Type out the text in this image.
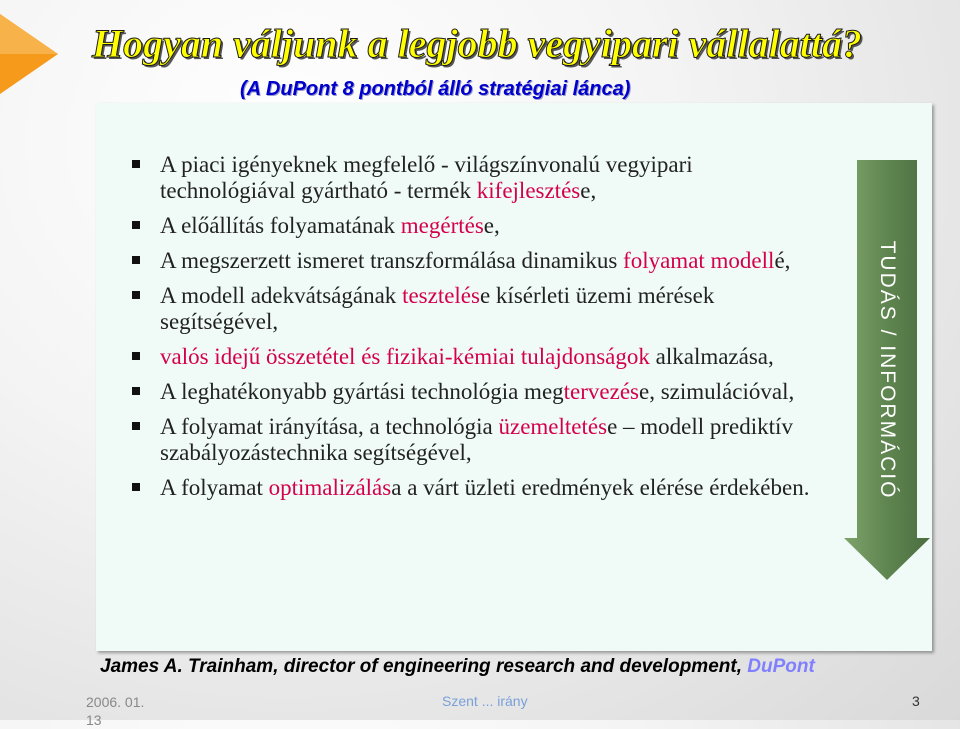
Hogyan váljunk a legjobb vegyipari vállalattá?

(A DuPont 8 pontból álló stratégiai lánca)

A piaci igényeknek megfelelő - világszínvonalú vegyipari technológiával gyártható - termék kifejlesztése,
A előállítás folyamatának megértése,
A megszerzett ismeret transzformálása dinamikus folyamat modellé,
A modell adekvátságának tesztelése kísérleti üzemi mérések segítségével,
valós idejű összetétel és fizikai-kémiai tulajdonságok alkalmazása,
A leghatékonyabb gyártási technológia megtervezése, szimulációval,
A folyamat irányítása, a technológia üzemeltetése – modell prediktív szabályozástechnika segítségével,
A folyamat optimalizálása a várt üzleti eredmények elérése érdekében.	TUDÁS / INFORMÁCIÓ

James A. Trainham, director of engineering research and development, DuPont

2006. 01. 13
Szent ... irány	3
